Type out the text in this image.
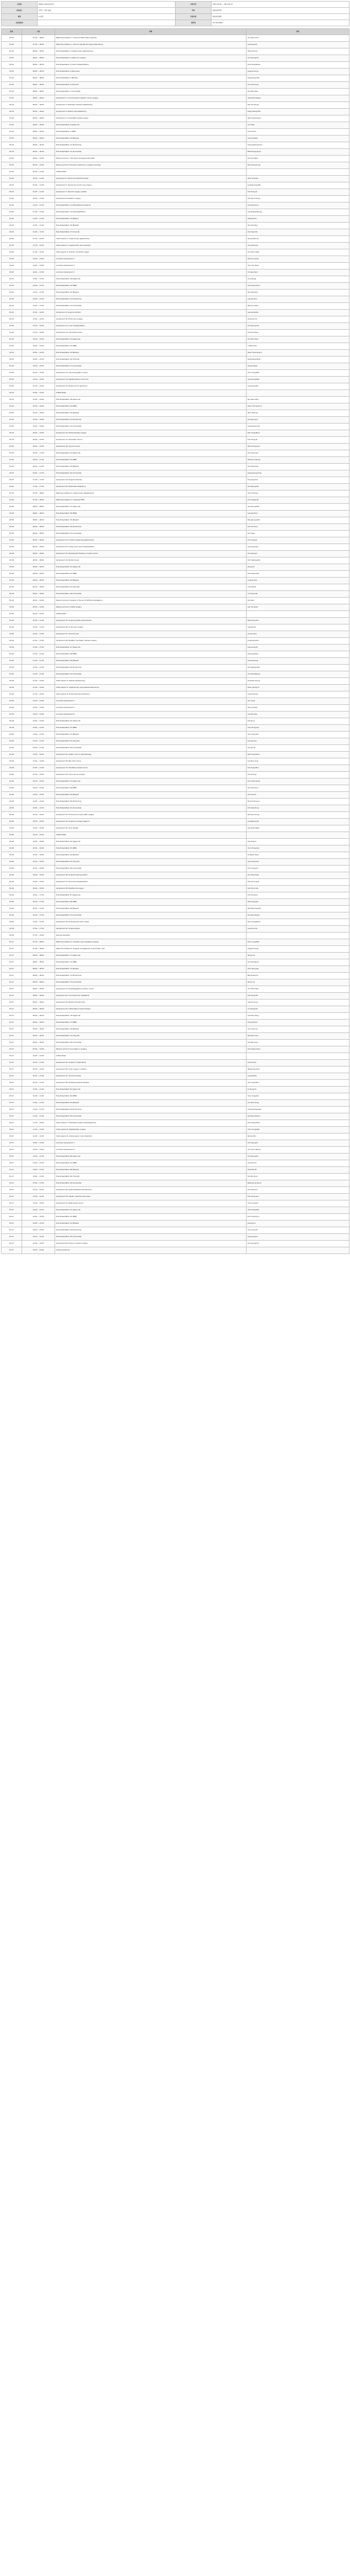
교육명	KMAS & World 2017	교육기간	2017-05-25 ~ 2017-05-27
교육장소	코엑스 그랜드볼룸	주최	대한외과학회
평점	6 평점	인정기관	대한의사협회
교육담당자		연락처	02-794-5692
일자	시간	주제	연자
05.25	07:30 ~ 08:00	Meet the professor 1: Advanced Pancreatic resection	Yoo-Seok Yoon
05.25	07:30 ~ 08:00	Meet the professor 2: How to manage the large hiatal hernia	Lee Sang-Ho
05.25	08:00 ~ 08:30	Free Presentation 1 (Laparoscopic gastrectomy)	Park Ji-Young
05.25	08:00 ~ 08:30	Free Presentation 2 (Upper GI surgery)	Kim Hyung-Ho
05.25	08:00 ~ 08:30	Free Presentation 3 (Liver transplantation)	Choi Dong-Wook
05.25	08:00 ~ 08:30	Free Presentation 4 (Pancreas)	Jang Jin-Young
05.25	08:00 ~ 08:30	Free Presentation 5 (Breast)	Kang Sung-Hee
05.25	08:00 ~ 08:30	Free Presentation 6 (Thyroid)	Lim Chi-Young
05.25	08:00 ~ 08:30	Free Presentation 7 (Colorectal)	Kim Nam-Kyu
05.25	08:30 ~ 09:00	Symposium 1: Current issues in gastric cancer surgery	Yang Han-Kwang
05.25	08:30 ~ 09:00	Symposium 2: Minimally invasive hepatectomy	Han Ho-Seong
05.25	08:30 ~ 09:00	Symposium 3: Robotic pancreatectomy	Kang Chang-Moo
05.25	08:30 ~ 09:00	Symposium 4: Oncoplastic breast surgery	Park Hyung-Seok
05.25	09:00 ~ 09:30	Free Presentation 8 (Upper GI)	Son Taeil
05.25	09:00 ~ 09:30	Free Presentation 9 (HBP)	Kim Ki-Hun
05.25	09:00 ~ 09:30	Free Presentation 10 (Breast)	Lee Jong-Won
05.25	09:00 ~ 09:30	Free Presentation 11 (Endocrine)	Chung Woong-Youn
05.25	09:00 ~ 09:30	Free Presentation 12 (Colorectal)	Baik Seung-Hyuk
05.25	09:30 ~ 10:00	Plenary lecture 1: The future of surgical education	Kim Sun-Whe
05.25	09:30 ~ 10:00	Plenary lecture 2: Precision medicine in surgical oncology	Noh Dong-Young
05.25	10:00 ~ 10:30	Coffee Break	
05.25	10:30 ~ 11:00	Symposium 5: Hernia and abdominal wall	Park Yong-Soo
05.25	10:30 ~ 11:00	Symposium 6: Trauma and acute care surgery	Jung Kyoung-Won
05.25	10:30 ~ 11:00	Symposium 7: Vascular surgery update	Kim Dong-Ik
05.25	10:30 ~ 11:00	Symposium 8: Pediatric surgery	Kim Hyun-Young
05.25	11:00 ~ 11:30	Free Presentation 13 (Translational research)	Lee Hyuk-Joon
05.25	11:00 ~ 11:30	Free Presentation 14 (Transplantation)	Lee Kwang-Woong
05.25	11:00 ~ 11:30	Free Presentation 15 (Biliary)	Hwang Shin
05.25	11:00 ~ 11:30	Free Presentation 16 (Breast)	Ahn Sei-Hyun
05.25	11:00 ~ 11:30	Free Presentation 17 (Thyroid)	Kim Seok-Mo
05.25	11:30 ~ 12:00	Video session 1: Laparoscopic gastrectomy	Hyung Woo-Jin
05.25	11:30 ~ 12:00	Video session 2: Laparoscopic liver resection	Cho Jai-Young
05.25	11:30 ~ 12:00	Video session 3: Robotic colorectal surgery	Kim Seon-Hahn
05.25	12:00 ~ 13:00	Luncheon Symposium 1	Park Do-Joong
05.25	12:00 ~ 13:00	Luncheon Symposium 2	Yoon Yoo-Seok
05.25	12:00 ~ 13:00	Luncheon Symposium 3	Kim Jee-Hyun
05.25	13:00 ~ 13:30	Free Presentation 18 (Upper GI)	An Ji-Yeong
05.25	13:00 ~ 13:30	Free Presentation 19 (HBP)	Kim Song-Cheol
05.25	13:00 ~ 13:30	Free Presentation 20 (Breast)	Han Wonshik
05.25	13:00 ~ 13:30	Free Presentation 21 (Endocrine)	Lee Kyu-Eun
05.25	13:00 ~ 13:30	Free Presentation 22 (Colorectal)	Park Jun-Seok
05.25	13:30 ~ 14:00	Symposium 9: Surgical nutrition	Lee Sang-Woo
05.25	13:30 ~ 14:00	Symposium 10: Endocrine surgery	Choe Jun-Ho
05.25	13:30 ~ 14:00	Symposium 11: Liver transplantation	Suh Kyung-Suk
05.25	13:30 ~ 14:00	Symposium 12: Colorectal cancer	Kim Jin-Cheon
05.25	14:00 ~ 14:30	Free Presentation 23 (Upper GI)	Kim Min-Chan
05.25	14:00 ~ 14:30	Free Presentation 24 (HBP)	Yi Nam-Joon
05.25	14:00 ~ 14:30	Free Presentation 25 (Breast)	Moon Hyeong-Gon
05.25	14:00 ~ 14:30	Free Presentation 26 (Thyroid)	Kang Sang-Wook
05.25	14:00 ~ 14:30	Free Presentation 27 (Colorectal)	Oh Jae-Hwan
05.25	14:30 ~ 15:00	Symposium 13: Advanced gastric cancer	Kim Young-Woo
05.25	14:30 ~ 15:00	Symposium 14: Hepatocellular carcinoma	Lee Seung-Kew
05.25	14:30 ~ 15:00	Symposium 15: Breast cancer genomics	Lee Jeong-Eon
05.25	15:00 ~ 15:30	Coffee Break	
05.25	15:30 ~ 16:00	Free Presentation 28 (Upper GI)	Ryu Keun-Won
05.25	15:30 ~ 16:00	Free Presentation 29 (HBP)	Kwon Chong-Hyun
05.25	15:30 ~ 16:00	Free Presentation 30 (Breast)	Nam Seok-Jin
05.25	15:30 ~ 16:00	Free Presentation 31 (Endocrine)	Jeong Jong-Ju
05.25	15:30 ~ 16:00	Free Presentation 32 (Colorectal)	Lee Kang-Young
05.25	16:00 ~ 16:30	Symposium 16: Morbid obesity surgery	Han Sang-Moon
05.25	16:00 ~ 16:30	Symposium 17: Pancreatic cancer	Kim Hong-Jin
05.25	16:00 ~ 16:30	Symposium 18: Thyroid cancer	Park Chung-Soo
05.25	16:30 ~ 17:00	Free Presentation 33 (Upper GI)	Kim Hyoung-Il
05.25	16:30 ~ 17:00	Free Presentation 34 (HBP)	Park Joon-Seong
05.25	16:30 ~ 17:00	Free Presentation 35 (Breast)	Kim Hee-Jung
05.25	16:30 ~ 17:00	Free Presentation 36 (Colorectal)	Jeong Seung-Yong
05.25	17:00 ~ 17:30	Symposium 19: Surgical infection	Kim Jong-Hun
05.25	17:00 ~ 17:30	Symposium 20: Peritoneal malignancy	Kim Byung-Sik
05.26	07:30 ~ 08:00	Meet the professor 3: Laparoscopic hepatectomy	Choi Gi-Hong
05.26	07:30 ~ 08:00	Meet the professor 4: Transanal TME	Kim Chang-Sik
05.26	08:00 ~ 08:30	Free Presentation 37 (Upper GI)	Seo Kyung-Won
05.26	08:00 ~ 08:30	Free Presentation 38 (HBP)	Lee Jae-Hoon
05.26	08:00 ~ 08:30	Free Presentation 39 (Breast)	Bae Jeoung-Won
05.26	08:00 ~ 08:30	Free Presentation 40 (Endocrine)	Koo Do-Hoon
05.26	08:00 ~ 08:30	Free Presentation 41 (Colorectal)	Hur Hyuk
05.26	08:30 ~ 09:00	Symposium 21: Function-preserving gastrectomy	Kim Yong-Jin
05.26	08:30 ~ 09:00	Symposium 22: Living donor liver transplantation	Lee Sung-Gyu
05.26	08:30 ~ 09:00	Symposium 23: Neoadjuvant therapy in breast cancer	Kim Seung-Il
05.26	08:30 ~ 09:00	Symposium 24: Rectal cancer	Kim Hyeong-Rok
05.26	09:00 ~ 09:30	Free Presentation 42 (Upper GI)	Jeong Oh
05.26	09:00 ~ 09:30	Free Presentation 43 (HBP)	Kim Sang-Geol
05.26	09:00 ~ 09:30	Free Presentation 44 (Breast)	Jung So-Youn
05.26	09:00 ~ 09:30	Free Presentation 45 (Thyroid)	Yi Jin-Wook
05.26	09:00 ~ 09:30	Free Presentation 46 (Colorectal)	Yu Chang-Sik
05.26	09:30 ~ 10:00	Plenary lecture 3: Surgery in the era of artificial intelligence	Kim Woo
05.26	09:30 ~ 10:00	Plenary lecture 4: Global surgery	Lee Yun-Suhk
05.26	10:00 ~ 10:30	Coffee Break	
05.26	10:30 ~ 11:00	Symposium 25: Surgical quality improvement	Park Sung-Soo
05.26	10:30 ~ 11:00	Symposium 26: Acute care surgery	Lee Jae-Gil
05.26	10:30 ~ 11:00	Symposium 27: Varicose vein	Joh Jin-Hyun
05.26	10:30 ~ 11:00	Symposium 28: Pediatric minimally invasive surgery	Jung Sung-Eun
05.26	11:00 ~ 11:30	Free Presentation 47 (Upper GI)	Lee Joong-Ho
05.26	11:00 ~ 11:30	Free Presentation 48 (HBP)	Kim Jong-Man
05.26	11:00 ~ 11:30	Free Presentation 49 (Breast)	Lee Se-Kyung
05.26	11:00 ~ 11:30	Free Presentation 50 (Endocrine)	Kim Kwang-Hee
05.26	11:00 ~ 11:30	Free Presentation 51 (Colorectal)	Lim Seok-Byung
05.26	11:30 ~ 12:00	Video session 4: Robotic gastrectomy	Song Kyo-Young
05.26	11:30 ~ 12:00	Video session 5: Laparoscopic pancreatoduodenectomy	Kwon Jae-Hyun
05.26	11:30 ~ 12:00	Video session 6: Endoscopic thyroidectomy	Lee Jin-Yeong
05.26	12:00 ~ 13:00	Luncheon Symposium 4	Kim Sung
05.26	12:00 ~ 13:00	Luncheon Symposium 5	Heo Jin-Seok
05.26	12:00 ~ 13:00	Luncheon Symposium 6	Lee Min-Hee
05.26	13:00 ~ 13:30	Free Presentation 52 (Upper GI)	Kim Jin-Jo
05.26	13:00 ~ 13:30	Free Presentation 53 (HBP)	Choi Dong-Lak
05.26	13:00 ~ 13:30	Free Presentation 54 (Breast)	Yoon Jung-Han
05.26	13:00 ~ 13:30	Free Presentation 55 (Thyroid)	Kim Jee-Soo
05.26	13:00 ~ 13:30	Free Presentation 56 (Colorectal)	Kim Jun-Ki
05.26	13:30 ~ 14:00	Symposium 29: Gastric cancer chemotherapy	Noh Sung-Hoon
05.26	13:30 ~ 14:00	Symposium 30: Bile duct cancer	Lee Woo-Jung
05.26	13:30 ~ 14:00	Symposium 31: Hereditary breast cancer	Kim Sung-Won
05.26	13:30 ~ 14:00	Symposium 32: Colon cancer surgery	Kim Ik-Yong
05.26	14:00 ~ 14:30	Free Presentation 57 (Upper GI)	Kim Chan-Young
05.26	14:00 ~ 14:30	Free Presentation 58 (HBP)	Han Dai-Hoon
05.26	14:00 ~ 14:30	Free Presentation 59 (Breast)	Kim Lee-Su
05.26	14:00 ~ 14:30	Free Presentation 60 (Endocrine)	Hong Suck-Joon
05.26	14:00 ~ 14:30	Free Presentation 61 (Colorectal)	Kim Dae-Dong
05.26	14:30 ~ 15:00	Symposium 33: Enhanced recovery after surgery	Park Kyo-Young
05.26	14:30 ~ 15:00	Symposium 34: Surgical oncology research	Jung Byung-Ho
05.26	14:30 ~ 15:00	Symposium 35: Anal disease	Lee Seok-Hwan
05.26	15:00 ~ 15:30	Coffee Break	
05.26	15:30 ~ 16:00	Free Presentation 62 (Upper GI)	Lee Sang-Il
05.26	15:30 ~ 16:00	Free Presentation 63 (HBP)	Yoon Dong-Sup
05.26	15:30 ~ 16:00	Free Presentation 64 (Breast)	Ko Beom-Seok
05.26	15:30 ~ 16:00	Free Presentation 65 (Thyroid)	Lee Young-Don
05.26	15:30 ~ 16:00	Free Presentation 66 (Colorectal)	Kim Young-Jin
05.26	16:00 ~ 16:30	Symposium 36: Surgical training system	Kim Hee-Cheol
05.26	16:00 ~ 16:30	Symposium 37: Pancreas transplantation	Han Duck-Jong
05.26	16:00 ~ 16:30	Symposium 38: Parathyroid surgery	Kim Hoon-Yub
05.26	16:30 ~ 17:00	Free Presentation 67 (Upper GI)	Kim Ho-Goon
05.26	16:30 ~ 17:00	Free Presentation 68 (HBP)	Park Sang-Jae
05.26	16:30 ~ 17:00	Free Presentation 69 (Breast)	Park Byeong-Woo
05.26	16:30 ~ 17:00	Free Presentation 70 (Colorectal)	Kim Jae-Hwang
05.26	17:00 ~ 17:30	Symposium 39: Endovascular aortic repair	Kim Young-Wook
05.26	17:00 ~ 17:30	Symposium 40: Surgical ethics	Lee Kuhn-Uk
05.26	17:30 ~ 18:00	General assembly	
05.27	07:30 ~ 08:00	Meet the professor 5: Sentinel node navigation surgery	Kim Young-Woo
05.27	07:30 ~ 08:00	Meet the professor 6: Surgical management of pancreatic cyst	Jang Jin-Young
05.27	08:00 ~ 08:30	Free Presentation 71 (Upper GI)	Park Ji-Ho
05.27	08:00 ~ 08:30	Free Presentation 72 (HBP)	Kim Hyung-Jun
05.27	08:00 ~ 08:30	Free Presentation 73 (Breast)	Shin Hee-Jung
05.27	08:00 ~ 08:30	Free Presentation 74 (Endocrine)	Bae Ja-Seong
05.27	08:00 ~ 08:30	Free Presentation 75 (Colorectal)	Park In-Ja
05.27	08:30 ~ 09:00	Symposium 41: Esophagogastric junction cancer	Yoo Moon-Won
05.27	08:30 ~ 09:00	Symposium 42: Colorectal liver metastasis	Kim Dong-Sik
05.27	08:30 ~ 09:00	Symposium 43: Breast reconstruction	Lee Soo-Jung
05.27	08:30 ~ 09:00	Symposium 44: Inflammatory bowel disease	Yu Chang-Sik
05.27	09:00 ~ 09:30	Free Presentation 76 (Upper GI)	Lee Han-Hong
05.27	09:00 ~ 09:30	Free Presentation 77 (HBP)	Hong Tae-Ho
05.27	09:00 ~ 09:30	Free Presentation 78 (Breast)	Youn Hyun-Jo
05.27	09:00 ~ 09:30	Free Presentation 79 (Thyroid)	Park Won-Seo
05.27	09:00 ~ 09:30	Free Presentation 80 (Colorectal)	Kim Min-Jung
05.27	09:30 ~ 10:00	Plenary lecture 5: Innovation in surgery	Kim Hyeon-Kook
05.27	10:00 ~ 10:30	Coffee Break	
05.27	10:30 ~ 11:00	Symposium 45: Surgical complications	Kim Ji-Hoon
05.27	10:30 ~ 11:00	Symposium 46: Liver surgery in elderly	Wang Hee-Jung
05.27	10:30 ~ 11:00	Symposium 47: Thyroid nodules	Lee Jae-Bok
05.27	10:30 ~ 11:00	Symposium 48: Peripheral arterial disease	Cho Sung-Shin
05.27	11:00 ~ 11:30	Free Presentation 81 (Upper GI)	Jin Sung-Ho
05.27	11:00 ~ 11:30	Free Presentation 82 (HBP)	Yoon Sung-Soo
05.27	11:00 ~ 11:30	Free Presentation 83 (Breast)	Lim Woo-Sung
05.27	11:00 ~ 11:30	Free Presentation 84 (Endocrine)	Chang Hang-Seok
05.27	11:00 ~ 11:30	Free Presentation 85 (Colorectal)	Kye Bong-Hyeon
05.27	11:30 ~ 12:00	Video session 7: Minimally invasive esophagectomy	Kim Hong-Kwan
05.27	11:30 ~ 12:00	Video session 8: Hepatobiliary surgery	Choi Young-Rok
05.27	11:30 ~ 12:00	Video session 9: Lateral pelvic node dissection	Park Ji-Won
05.27	12:00 ~ 13:00	Luncheon Symposium 7	Kim Seung-Ki
05.27	12:00 ~ 13:00	Luncheon Symposium 8	Cho Hyun-Kyung
05.27	13:00 ~ 13:30	Free Presentation 86 (Upper GI)	Kim Kyung-Ho
05.27	13:00 ~ 13:30	Free Presentation 87 (HBP)	Lee Doo-Ho
05.27	13:00 ~ 13:30	Free Presentation 88 (Breast)	Park Min-Ho
05.27	13:00 ~ 13:30	Free Presentation 89 (Thyroid)	Kim Bo-Hyun
05.27	13:00 ~ 13:30	Free Presentation 90 (Colorectal)	Baek Jeong-Heum
05.27	13:30 ~ 14:00	Symposium 49: Gastrointestinal stromal tumor	Kim Sang-Ho
05.27	13:30 ~ 14:00	Symposium 50: Hepatic resection technique	Kim Dong-Goo
05.27	13:30 ~ 14:00	Symposium 51: Male breast cancer	Suh Young-Jin
05.27	14:00 ~ 14:30	Free Presentation 91 (Upper GI)	Shin Dong-Woo
05.27	14:00 ~ 14:30	Free Presentation 92 (HBP)	Kim Yong-Hoon
05.27	14:00 ~ 14:30	Free Presentation 93 (Breast)	Jeong Joon
05.27	14:00 ~ 14:30	Free Presentation 94 (Endocrine)	Yoon Jong-Ho
05.27	14:00 ~ 14:30	Free Presentation 95 (Colorectal)	Lee Jong-Lyul
05.27	14:30 ~ 15:00	Symposium 52: Future of robotic surgery	Kim Hyung-Ho
05.27	14:30 ~ 15:00	Closing ceremony	
